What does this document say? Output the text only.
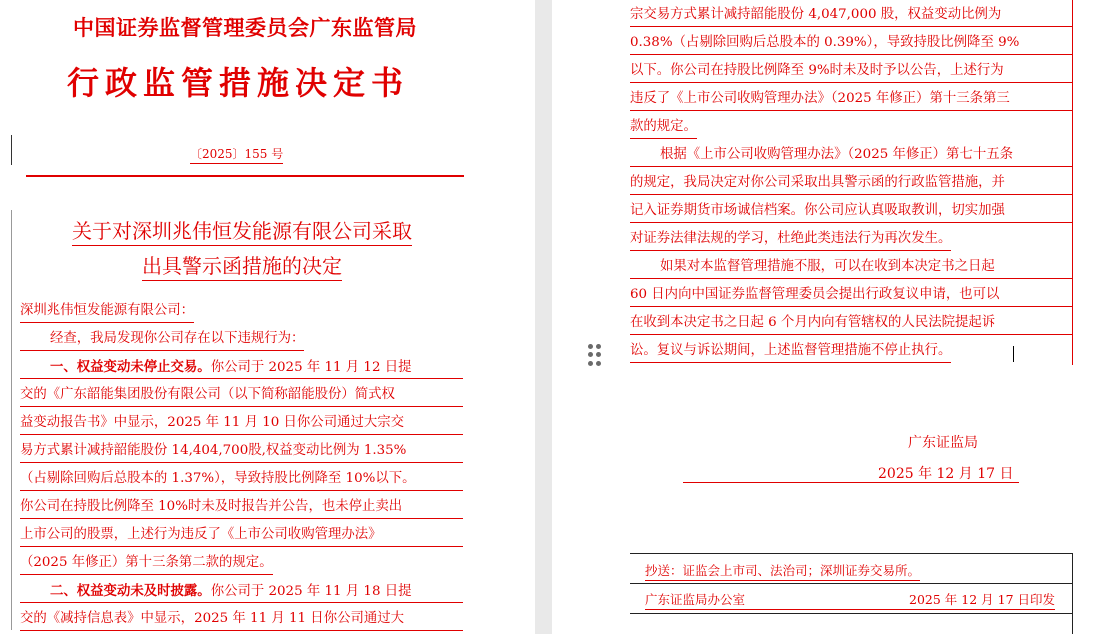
中国证券监督管理委员会广东监管局
行政监管措施决定书
〔2025〕155 号
关于对深圳兆伟恒发能源有限公司采取
出具警示函措施的决定
深圳兆伟恒发能源有限公司：
经查，我局发现你公司存在以下违规行为：
一、权益变动未停止交易。你公司于 2025 年 11 月 12 日提
交的《广东韶能集团股份有限公司（以下简称韶能股份）简式权
益变动报告书》中显示，2025 年 11 月 10 日你公司通过大宗交
易方式累计减持韶能股份 14,404,700股,权益变动比例为 1.35%
（占剔除回购后总股本的 1.37%），导致持股比例降至 10%以下。
你公司在持股比例降至 10%时未及时报告并公告，也未停止卖出
上市公司的股票，上述行为违反了《上市公司收购管理办法》
（2025 年修正）第十三条第二款的规定。
二、权益变动未及时披露。你公司于 2025 年 11 月 18 日提
交的《减持信息表》中显示，2025 年 11 月 11 日你公司通过大
宗交易方式累计减持韶能股份 4,047,000 股，权益变动比例为
0.38%（占剔除回购后总股本的 0.39%），导致持股比例降至 9%
以下。你公司在持股比例降至 9%时未及时予以公告，上述行为
违反了《上市公司收购管理办法》（2025 年修正）第十三条第三
款的规定。
根据《上市公司收购管理办法》（2025 年修正）第七十五条
的规定，我局决定对你公司采取出具警示函的行政监管措施，并
记入证券期货市场诚信档案。你公司应认真吸取教训，切实加强
对证券法律法规的学习，杜绝此类违法行为再次发生。
如果对本监督管理措施不服，可以在收到本决定书之日起
60 日内向中国证券监督管理委员会提出行政复议申请，也可以
在收到本决定书之日起 6 个月内向有管辖权的人民法院提起诉
讼。复议与诉讼期间，上述监督管理措施不停止执行。
广东证监局
2025 年 12 月 17 日
抄送：证监会上市司、法治司；深圳证券交易所。
广东证监局办公室	2025 年 12 月 17 日印发
